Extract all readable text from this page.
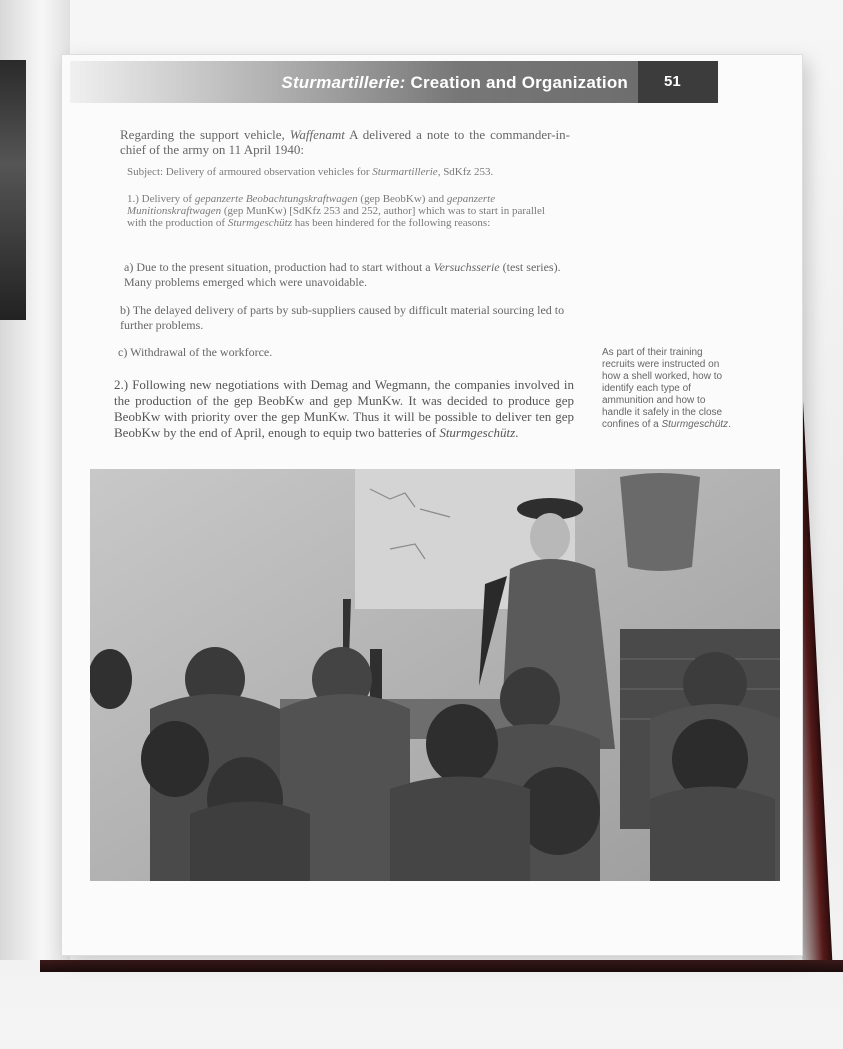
Sturmartillerie: Creation and Organization 51
Regarding the support vehicle, Waffenamt A delivered a note to the commander-in-chief of the army on 11 April 1940:
Subject: Delivery of armoured observation vehicles for Sturmartillerie, SdKfz 253.
1.) Delivery of gepanzerte Beobachtungskraftwagen (gep BeobKw) and gepanzerte Munitionskraftwagen (gep MunKw) [SdKfz 253 and 252, author] which was to start in parallel with the production of Sturmgeschütz has been hindered for the following reasons:
a) Due to the present situation, production had to start without a Versuchsserie (test series). Many problems emerged which were unavoidable.
b) The delayed delivery of parts by sub-suppliers caused by difficult material sourcing led to further problems.
c) Withdrawal of the workforce.
2.) Following new negotiations with Demag and Wegmann, the companies involved in the production of the gep BeobKw and gep MunKw. It was decided to produce gep BeobKw with priority over the gep MunKw. Thus it will be possible to deliver ten gep BeobKw by the end of April, enough to equip two batteries of Sturmgeschütz.
As part of their training recruits were instructed on how a shell worked, how to identify each type of ammunition and how to handle it safely in the close confines of a Sturmgeschütz.
